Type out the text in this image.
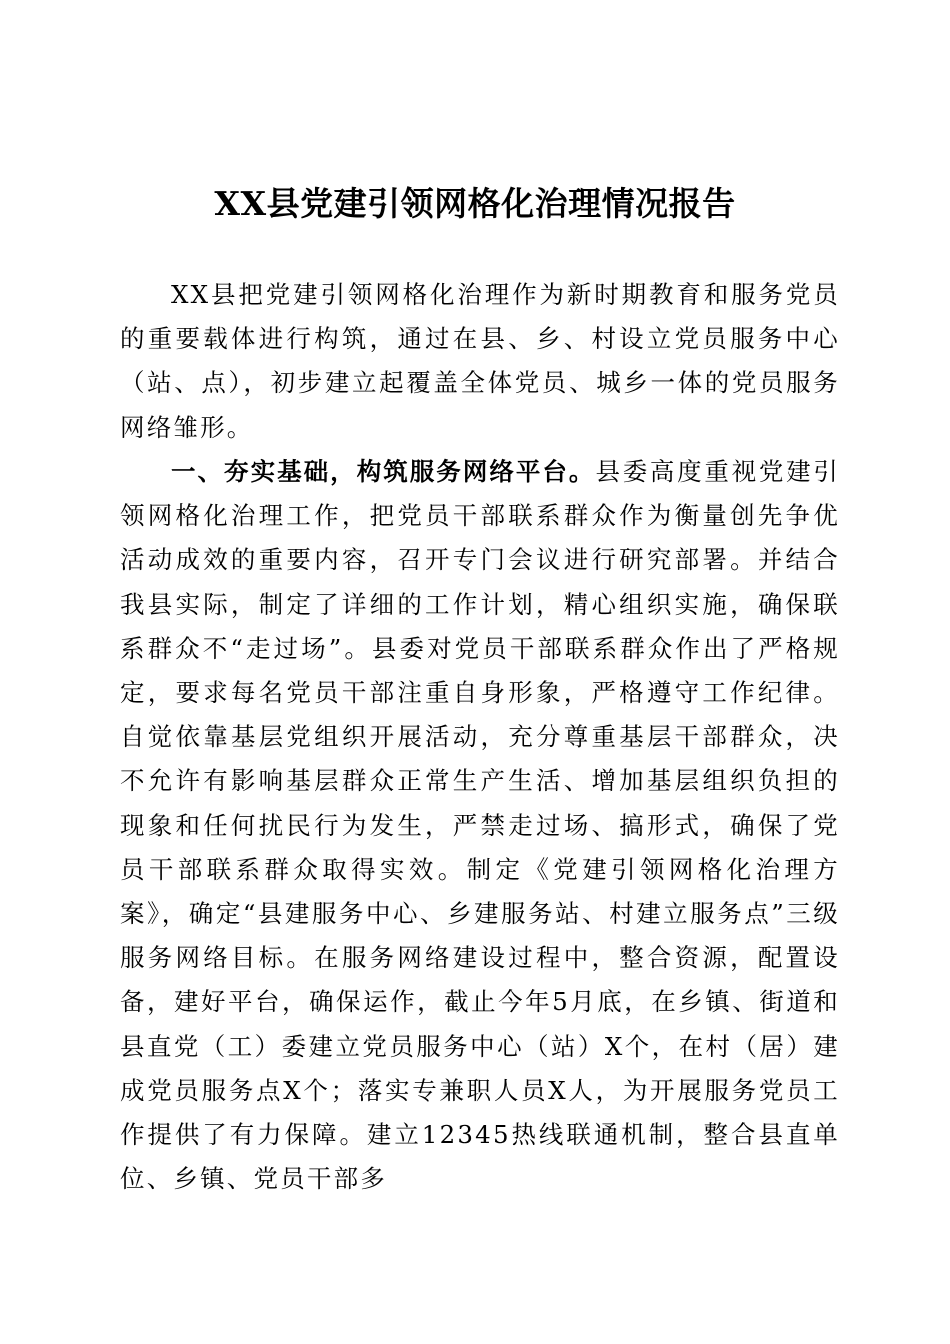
XX县党建引领网格化治理情况报告

XX县把党建引领网格化治理作为新时期教育和服务党员的重要载体进行构筑，通过在县、乡、村设立党员服务中心（站、点），初步建立起覆盖全体党员、城乡一体的党员服务网络雏形。

一、夯实基础，构筑服务网络平台。县委高度重视党建引领网格化治理工作，把党员干部联系群众作为衡量创先争优活动成效的重要内容，召开专门会议进行研究部署。并结合我县实际，制定了详细的工作计划，精心组织实施，确保联系群众不“走过场”。县委对党员干部联系群众作出了严格规定，要求每名党员干部注重自身形象，严格遵守工作纪律。自觉依靠基层党组织开展活动，充分尊重基层干部群众，决不允许有影响基层群众正常生产生活、增加基层组织负担的现象和任何扰民行为发生，严禁走过场、搞形式，确保了党员干部联系群众取得实效。制定《党建引领网格化治理方案》，确定“县建服务中心、乡建服务站、村建立服务点”三级服务网络目标。在服务网络建设过程中，整合资源，配置设备，建好平台，确保运作，截止今年5月底，在乡镇、街道和县直党（工）委建立党员服务中心（站）X个，在村（居）建成党员服务点X个；落实专兼职人员X人，为开展服务党员工作提供了有力保障。建立12345热线联通机制，整合县直单位、乡镇、党员干部多
